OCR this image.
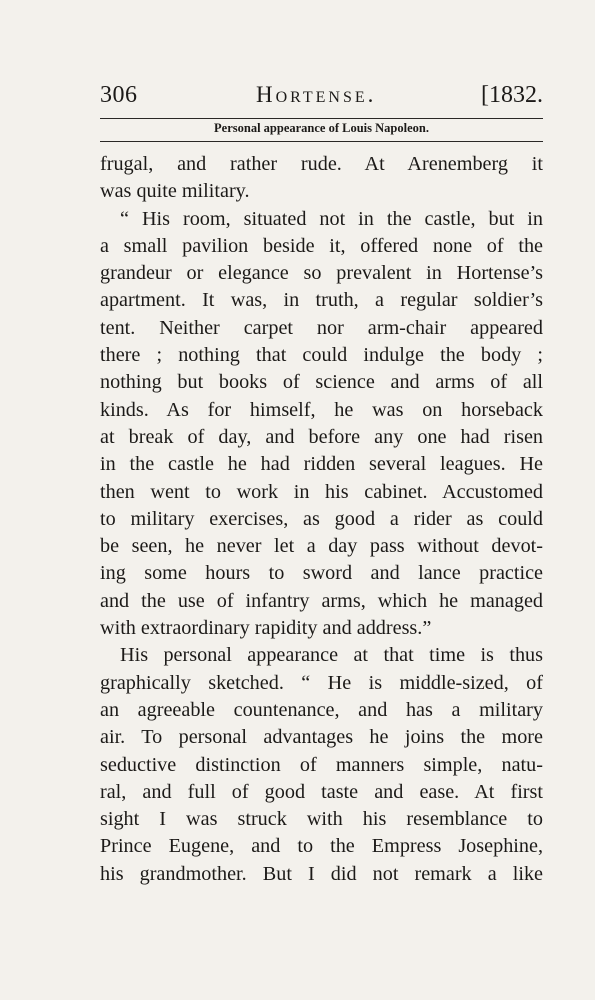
306	Hortense.	[1832.
Personal appearance of Louis Napoleon.
frugal, and rather rude. At Arenemberg it
was quite military.
“ His room, situated not in the castle, but in
a small pavilion beside it, offered none of the
grandeur or elegance so prevalent in Hortense’s
apartment. It was, in truth, a regular soldier’s
tent. Neither carpet nor arm-chair appeared
there ; nothing that could indulge the body ;
nothing but books of science and arms of all
kinds. As for himself, he was on horseback
at break of day, and before any one had risen
in the castle he had ridden several leagues. He
then went to work in his cabinet. Accustomed
to military exercises, as good a rider as could
be seen, he never let a day pass without devot-
ing some hours to sword and lance practice
and the use of infantry arms, which he managed
with extraordinary rapidity and address.”
His personal appearance at that time is thus
graphically sketched. “ He is middle-sized, of
an agreeable countenance, and has a military
air. To personal advantages he joins the more
seductive distinction of manners simple, natu-
ral, and full of good taste and ease. At first
sight I was struck with his resemblance to
Prince Eugene, and to the Empress Josephine,
his grandmother. But I did not remark a like
